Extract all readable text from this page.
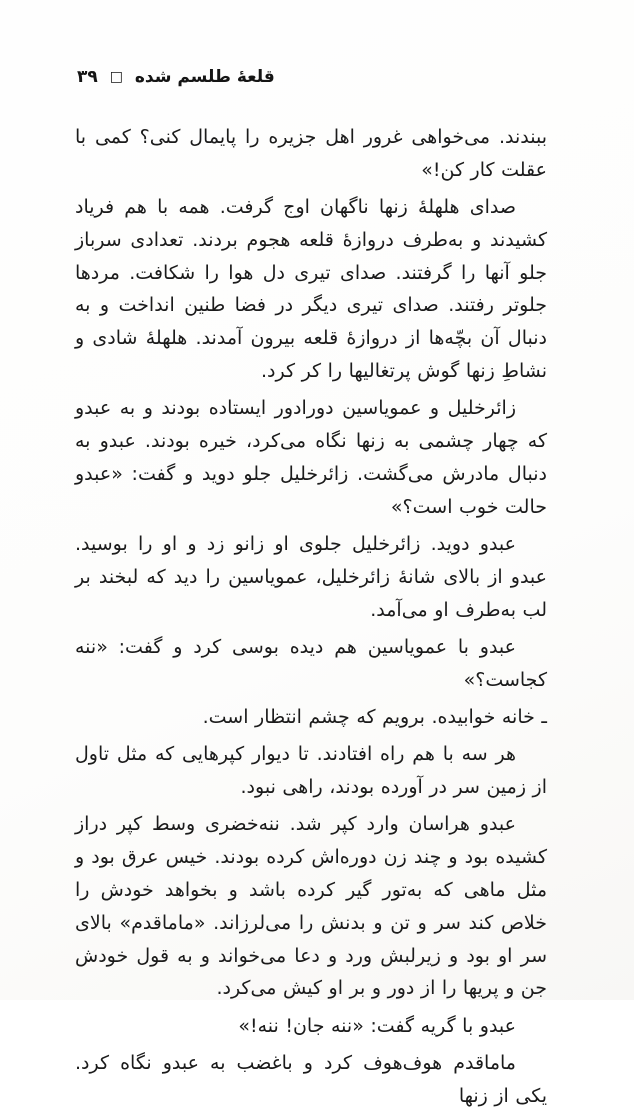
قلعهٔ طلسم شده □ ۳۹

ببندند. می‌خواهی غرور اهل جزیره را پایمال کنی؟ کمی با عقلت کار کن!»

صدای هلهلهٔ زنها ناگهان اوج گرفت. همه با هم فریاد کشیدند و به‌طرف دروازهٔ قلعه هجوم بردند. تعدادی سرباز جلو آنها را گرفتند. صدای تیری دل هوا را شکافت. مردها جلوتر رفتند. صدای تیری دیگر در فضا طنین انداخت و به دنبال آن بچّه‌ها از دروازهٔ قلعه بیرون آمدند. هلهلهٔ شادی و نشاطِ زنها گوش پرتغالیها را کر کرد.

زائرخلیل و عمویاسین دورادور ایستاده بودند و به عبدو که چهار چشمی به زنها نگاه می‌کرد، خیره بودند. عبدو به دنبال مادرش می‌گشت. زائرخلیل جلو دوید و گفت: «عبدو حالت خوب است؟»

عبدو دوید. زائرخلیل جلوی او زانو زد و او را بوسید. عبدو از بالای شانهٔ زائرخلیل، عمویاسین را دید که لبخند بر لب به‌طرف او می‌آمد.

عبدو با عمویاسین هم دیده بوسی کرد و گفت: «ننه کجاست؟»

ـ خانه خوابیده. برویم که چشم انتظار است.

هر سه با هم راه افتادند. تا دیوار کپرهایی که مثل تاول از زمین سر در آورده بودند، راهی نبود.

عبدو هراسان وارد کپر شد. ننه‌خضری وسط کپر دراز کشیده بود و چند زن دوره‌اش کرده بودند. خیس عرق بود و مثل ماهی که به‌تور گیر کرده باشد و بخواهد خودش را خلاص کند سر و تن و بدنش را می‌لرزاند. «ماماقدم» بالای سر او بود و زیرلبش ورد و دعا می‌خواند و به قول خودش جن و پریها را از دور و بر او کیش می‌کرد.

عبدو با گریه گفت: «ننه جان! ننه!»

ماماقدم هوف‌هوف کرد و باغضب به عبدو نگاه کرد. یکی از زنها
